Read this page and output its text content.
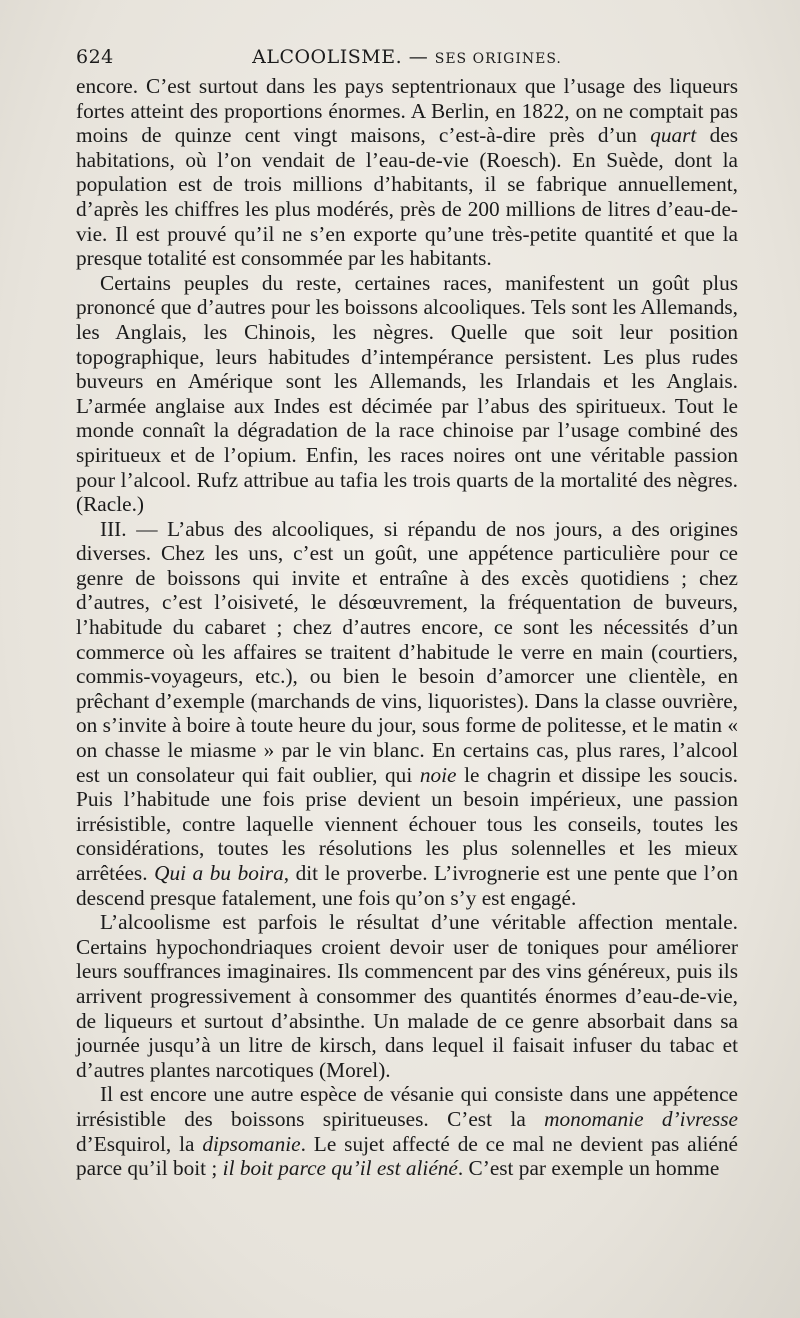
624	ALCOOLISME. — SES ORIGINES.

encore. C’est surtout dans les pays septentrionaux que l’usage des liqueurs fortes atteint des proportions énormes. A Berlin, en 1822, on ne comptait pas moins de quinze cent vingt maisons, c’est-à-dire près d’un quart des habitations, où l’on vendait de l’eau-de-vie (Roesch). En Suède, dont la population est de trois millions d’habitants, il se fabrique annuellement, d’après les chiffres les plus modérés, près de 200 millions de litres d’eau-de-vie. Il est prouvé qu’il ne s’en exporte qu’une très-petite quantité et que la presque totalité est consommée par les habitants.

Certains peuples du reste, certaines races, manifestent un goût plus prononcé que d’autres pour les boissons alcooliques. Tels sont les Allemands, les Anglais, les Chinois, les nègres. Quelle que soit leur position topographique, leurs habitudes d’intempérance persistent. Les plus rudes buveurs en Amérique sont les Allemands, les Irlandais et les Anglais. L’armée anglaise aux Indes est décimée par l’abus des spiritueux. Tout le monde connaît la dégradation de la race chinoise par l’usage combiné des spiritueux et de l’opium. Enfin, les races noires ont une véritable passion pour l’alcool. Rufz attribue au tafia les trois quarts de la mortalité des nègres. (Racle.)

III. — L’abus des alcooliques, si répandu de nos jours, a des origines diverses. Chez les uns, c’est un goût, une appétence particulière pour ce genre de boissons qui invite et entraîne à des excès quotidiens ; chez d’autres, c’est l’oisiveté, le désœuvrement, la fréquentation de buveurs, l’habitude du cabaret ; chez d’autres encore, ce sont les nécessités d’un commerce où les affaires se traitent d’habitude le verre en main (courtiers, commis-voyageurs, etc.), ou bien le besoin d’amorcer une clientèle, en prêchant d’exemple (marchands de vins, liquoristes). Dans la classe ouvrière, on s’invite à boire à toute heure du jour, sous forme de politesse, et le matin « on chasse le miasme » par le vin blanc. En certains cas, plus rares, l’alcool est un consolateur qui fait oublier, qui noie le chagrin et dissipe les soucis. Puis l’habitude une fois prise devient un besoin impérieux, une passion irrésistible, contre laquelle viennent échouer tous les conseils, toutes les considérations, toutes les résolutions les plus solennelles et les mieux arrêtées. Qui a bu boira, dit le proverbe. L’ivrognerie est une pente que l’on descend presque fatalement, une fois qu’on s’y est engagé.

L’alcoolisme est parfois le résultat d’une véritable affection mentale. Certains hypochondriaques croient devoir user de toniques pour améliorer leurs souffrances imaginaires. Ils commencent par des vins généreux, puis ils arrivent progressivement à consommer des quantités énormes d’eau-de-vie, de liqueurs et surtout d’absinthe. Un malade de ce genre absorbait dans sa journée jusqu’à un litre de kirsch, dans lequel il faisait infuser du tabac et d’autres plantes narcotiques (Morel).

Il est encore une autre espèce de vésanie qui consiste dans une appétence irrésistible des boissons spiritueuses. C’est la monomanie d’ivresse d’Esquirol, la dipsomanie. Le sujet affecté de ce mal ne devient pas aliéné parce qu’il boit ; il boit parce qu’il est aliéné. C’est par exemple un homme
